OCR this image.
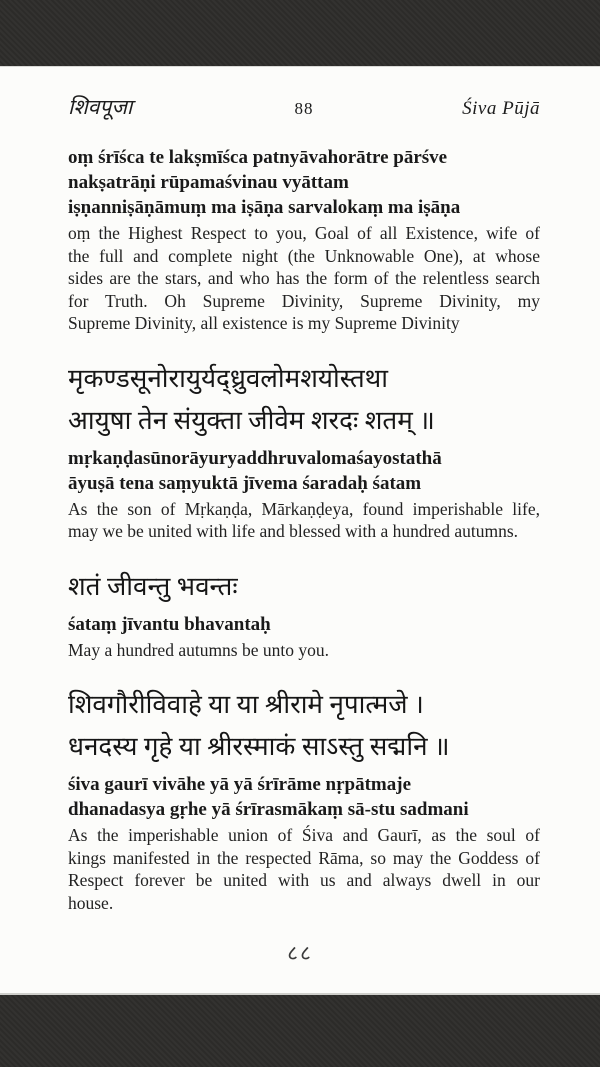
शिवपूजा	88	Śiva Pūjā
oṃ śrīśca te lakṣmīśca patnyāvahorātre pārśve
nakṣatrāṇi rūpamaśvinau vyāttam
iṣṇanniṣāṇāmuṃ ma iṣāṇa sarvalokaṃ ma iṣāṇa
oṃ the Highest Respect to you, Goal of all Existence, wife of
the full and complete night (the Unknowable One), at whose
sides are the stars, and who has the form of the relentless search
for Truth. Oh Supreme Divinity, Supreme Divinity, my
Supreme Divinity, all existence is my Supreme Divinity
मृकण्डसूनोरायुर्यद्ध्रुवलोमशयोस्तथा
आयुषा तेन संयुक्ता जीवेम शरदः शतम् ॥
mṛkaṇḍasūnorāyuryaddhruvalomaśayostathā
āyuṣā tena saṃyuktā jīvema śaradaḥ śatam
As the son of Mṛkaṇḍa, Mārkaṇḍeya, found imperishable life,
may we be united with life and blessed with a hundred autumns.
शतं जीवन्तु भवन्तः
śataṃ jīvantu bhavantaḥ
May a hundred autumns be unto you.
शिवगौरीविवाहे या या श्रीरामे नृपात्मजे ।
धनदस्य गृहे या श्रीरस्माकं साऽस्तु सद्मनि ॥
śiva gaurī vivāhe yā yā śrīrāme nṛpātmaje
dhanadasya gṛhe yā śrīrasmākaṃ sā-stu sadmani
As the imperishable union of Śiva and Gaurī, as the soul of
kings manifested in the respected Rāma, so may the Goddess of
Respect forever be united with us and always dwell in our
house.
८८
